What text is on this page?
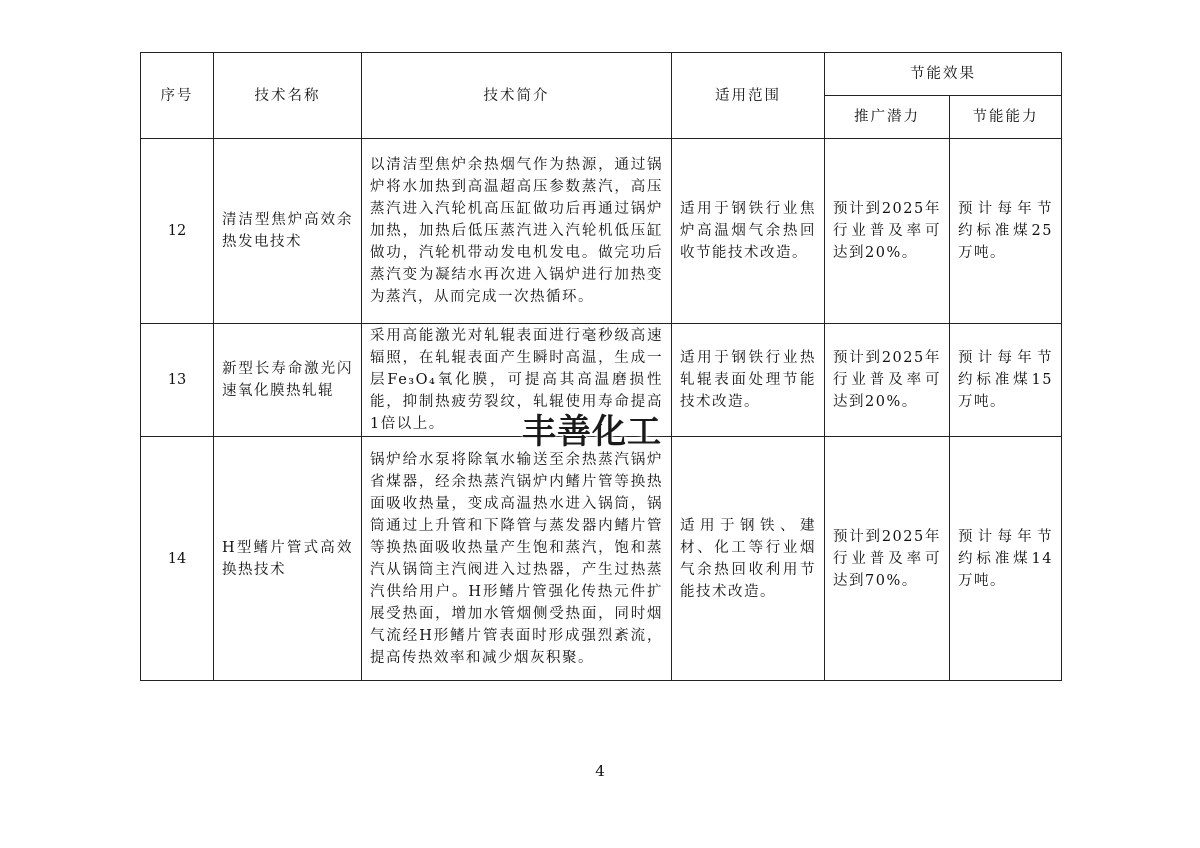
序号	技术名称	技术简介	适用范围	节能效果	
				推广潜力	节能能力
12	清洁型焦炉高效余热发电技术	以清洁型焦炉余热烟气作为热源，通过锅炉将水加热到高温超高压参数蒸汽，高压蒸汽进入汽轮机高压缸做功后再通过锅炉加热，加热后低压蒸汽进入汽轮机低压缸做功，汽轮机带动发电机发电。做完功后蒸汽变为凝结水再次进入锅炉进行加热变为蒸汽，从而完成一次热循环。	适用于钢铁行业焦炉高温烟气余热回收节能技术改造。	预计到2025年行业普及率可达到20%。	预计每年节约标准煤25万吨。
13	新型长寿命激光闪速氧化膜热轧辊	采用高能激光对轧辊表面进行毫秒级高速辐照，在轧辊表面产生瞬时高温，生成一层Fe₃O₄氧化膜，可提高其高温磨损性能，抑制热疲劳裂纹，轧辊使用寿命提高1倍以上。	适用于钢铁行业热轧辊表面处理节能技术改造。	预计到2025年行业普及率可达到20%。	预计每年节约标准煤15万吨。
14	H型鳍片管式高效换热技术	锅炉给水泵将除氧水输送至余热蒸汽锅炉省煤器，经余热蒸汽锅炉内鳍片管等换热面吸收热量，变成高温热水进入锅筒，锅筒通过上升管和下降管与蒸发器内鳍片管等换热面吸收热量产生饱和蒸汽，饱和蒸汽从锅筒主汽阀进入过热器，产生过热蒸汽供给用户。H形鳍片管强化传热元件扩展受热面，增加水管烟侧受热面，同时烟气流经H形鳍片管表面时形成强烈紊流，提高传热效率和减少烟灰积聚。	适用于钢铁、建材、化工等行业烟气余热回收利用节能技术改造。	预计到2025年行业普及率可达到70%。	预计每年节约标准煤14万吨。
丰善化工
4
